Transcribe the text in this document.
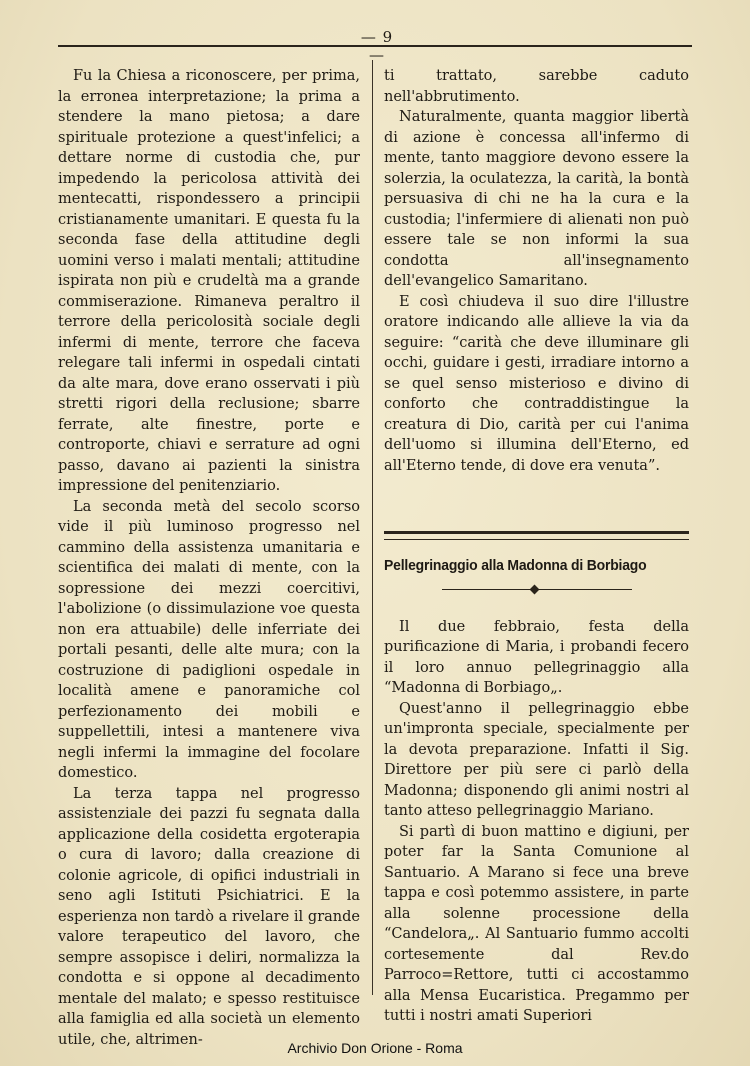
— 9 —

Fu la Chiesa a riconoscere, per prima, la erronea interpretazione; la prima a stendere la mano pietosa; a dare spirituale protezione a quest'infelici; a dettare norme di custodia che, pur impedendo la pericolosa attività dei mentecatti, rispondessero a principii cristianamente umanitari. E questa fu la seconda fase della attitudine degli uomini verso i malati mentali; attitudine ispirata non più e crudeltà ma a grande commiserazione. Rimaneva peraltro il terrore della pericolosità sociale degli infermi di mente, terrore che faceva relegare tali infermi in ospedali cintati da alte mara, dove erano osservati i più stretti rigori della reclusione; sbarre ferrate, alte finestre, porte e controporte, chiavi e serrature ad ogni passo, davano ai pazienti la sinistra impressione del penitenziario.

La seconda metà del secolo scorso vide il più luminoso progresso nel cammino della assistenza umanitaria e scientifica dei malati di mente, con la sopressione dei mezzi coercitivi, l'abolizione (o dissimulazione voe questa non era attuabile) delle inferriate dei portali pesanti, delle alte mura; con la costruzione di padiglioni ospedale in località amene e panoramiche col perfezionamento dei mobili e suppellettili, intesi a mantenere viva negli infermi la immagine del focolare domestico.

La terza tappa nel progresso assistenziale dei pazzi fu segnata dalla applicazione della cosidetta ergoterapia o cura di lavoro; dalla creazione di colonie agricole, di opifici industriali in seno agli Istituti Psichiatrici. E la esperienza non tardò a rivelare il grande valore terapeutico del lavoro, che sempre assopisce i deliri, normalizza la condotta e si oppone al decadimento mentale del malato; e spesso restituisce alla famiglia ed alla società un elemento utile, che, altrimen-

ti trattato, sarebbe caduto nell'abbrutimento.

Naturalmente, quanta maggior libertà di azione è concessa all'infermo di mente, tanto maggiore devono essere la solerzia, la oculatezza, la carità, la bontà persuasiva di chi ne ha la cura e la custodia; l'infermiere di alienati non può essere tale se non informi la sua condotta all'insegnamento dell'evangelico Samaritano.

E così chiudeva il suo dire l'illustre oratore indicando alle allieve la via da seguire: “carità che deve illuminare gli occhi, guidare i gesti, irradiare intorno a se quel senso misterioso e divino di conforto che contraddistingue la creatura di Dio, carità per cui l'anima dell'uomo si illumina dell'Eterno, ed all'Eterno tende, di dove era venuta”.

Pellegrinaggio alla Madonna di Borbiago

Il due febbraio, festa della purificazione di Maria, i probandi fecero il loro annuo pellegrinaggio alla “Madonna di Borbiago„.

Quest'anno il pellegrinaggio ebbe un'impronta speciale, specialmente per la devota preparazione. Infatti il Sig. Direttore per più sere ci parlò della Madonna; disponendo gli animi nostri al tanto atteso pellegrinaggio Mariano.

Si partì di buon mattino e digiuni, per poter far la Santa Comunione al Santuario. A Marano si fece una breve tappa e così potemmo assistere, in parte alla solenne processione della “Candelora„. Al Santuario fummo accolti cortesemente dal Rev.do Parroco=Rettore, tutti ci accostammo alla Mensa Eucaristica. Pregammo per tutti i nostri amati Superiori

Archivio Don Orione - Roma
